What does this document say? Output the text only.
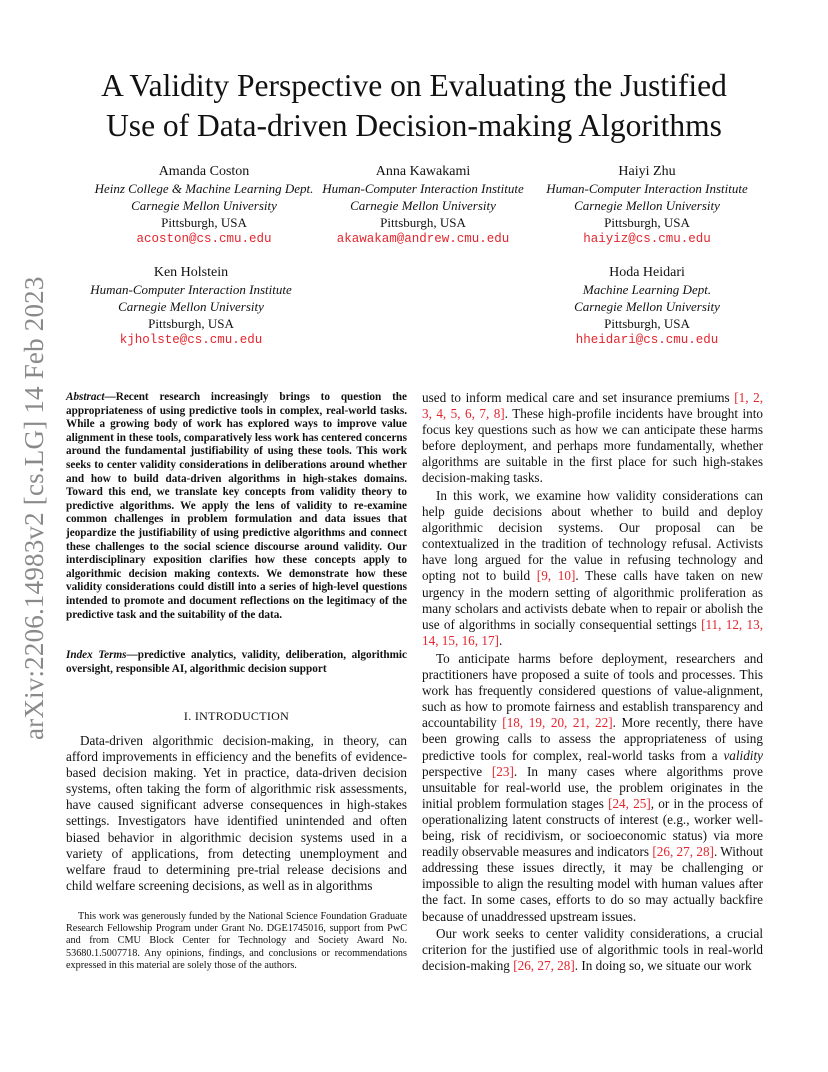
arXiv:2206.14983v2 [cs.LG] 14 Feb 2023
A Validity Perspective on Evaluating the Justified
Use of Data-driven Decision-making Algorithms
Amanda Coston
Heinz College & Machine Learning Dept.
Carnegie Mellon University
Pittsburgh, USA
acoston@cs.cmu.edu
Anna Kawakami
Human-Computer Interaction Institute
Carnegie Mellon University
Pittsburgh, USA
akawakam@andrew.cmu.edu
Haiyi Zhu
Human-Computer Interaction Institute
Carnegie Mellon University
Pittsburgh, USA
haiyiz@cs.cmu.edu
Ken Holstein
Human-Computer Interaction Institute
Carnegie Mellon University
Pittsburgh, USA
kjholste@cs.cmu.edu
Hoda Heidari
Machine Learning Dept.
Carnegie Mellon University
Pittsburgh, USA
hheidari@cs.cmu.edu

Abstract—Recent research increasingly brings to question the appropriateness of using predictive tools in complex, real-world tasks. While a growing body of work has explored ways to improve value alignment in these tools, comparatively less work has centered concerns around the fundamental justifiability of using these tools. This work seeks to center validity considerations in deliberations around whether and how to build data-driven algorithms in high-stakes domains. Toward this end, we translate key concepts from validity theory to predictive algorithms. We apply the lens of validity to re-examine common challenges in problem formulation and data issues that jeopardize the justifiability of using predictive algorithms and connect these challenges to the social science discourse around validity. Our interdisciplinary exposition clarifies how these concepts apply to algorithmic decision making contexts. We demonstrate how these validity considerations could distill into a series of high-level questions intended to promote and document reflections on the legitimacy of the predictive task and the suitability of the data.

Index Terms—predictive analytics, validity, deliberation, algorithmic oversight, responsible AI, algorithmic decision support

I. INTRODUCTION

Data-driven algorithmic decision-making, in theory, can afford improvements in efficiency and the benefits of evidence-based decision making. Yet in practice, data-driven decision systems, often taking the form of algorithmic risk assessments, have caused significant adverse consequences in high-stakes settings. Investigators have identified unintended and often biased behavior in algorithmic decision systems used in a variety of applications, from detecting unemployment and welfare fraud to determining pre-trial release decisions and child welfare screening decisions, as well as in algorithms

This work was generously funded by the National Science Foundation Graduate Research Fellowship Program under Grant No. DGE1745016, support from PwC and from CMU Block Center for Technology and Society Award No. 53680.1.5007718. Any opinions, findings, and conclusions or recommendations expressed in this material are solely those of the authors.

used to inform medical care and set insurance premiums [1, 2, 3, 4, 5, 6, 7, 8]. These high-profile incidents have brought into focus key questions such as how we can anticipate these harms before deployment, and perhaps more fundamentally, whether algorithms are suitable in the first place for such high-stakes decision-making tasks.

In this work, we examine how validity considerations can help guide decisions about whether to build and deploy algorithmic decision systems. Our proposal can be contextualized in the tradition of technology refusal. Activists have long argued for the value in refusing technology and opting not to build [9, 10]. These calls have taken on new urgency in the modern setting of algorithmic proliferation as many scholars and activists debate when to repair or abolish the use of algorithms in socially consequential settings [11, 12, 13, 14, 15, 16, 17].

To anticipate harms before deployment, researchers and practitioners have proposed a suite of tools and processes. This work has frequently considered questions of value-alignment, such as how to promote fairness and establish transparency and accountability [18, 19, 20, 21, 22]. More recently, there have been growing calls to assess the appropriateness of using predictive tools for complex, real-world tasks from a validity perspective [23]. In many cases where algorithms prove unsuitable for real-world use, the problem originates in the initial problem formulation stages [24, 25], or in the process of operationalizing latent constructs of interest (e.g., worker well-being, risk of recidivism, or socioeconomic status) via more readily observable measures and indicators [26, 27, 28]. Without addressing these issues directly, it may be challenging or impossible to align the resulting model with human values after the fact. In some cases, efforts to do so may actually backfire because of unaddressed upstream issues.

Our work seeks to center validity considerations, a crucial criterion for the justified use of algorithmic tools in real-world decision-making [26, 27, 28]. In doing so, we situate our work
